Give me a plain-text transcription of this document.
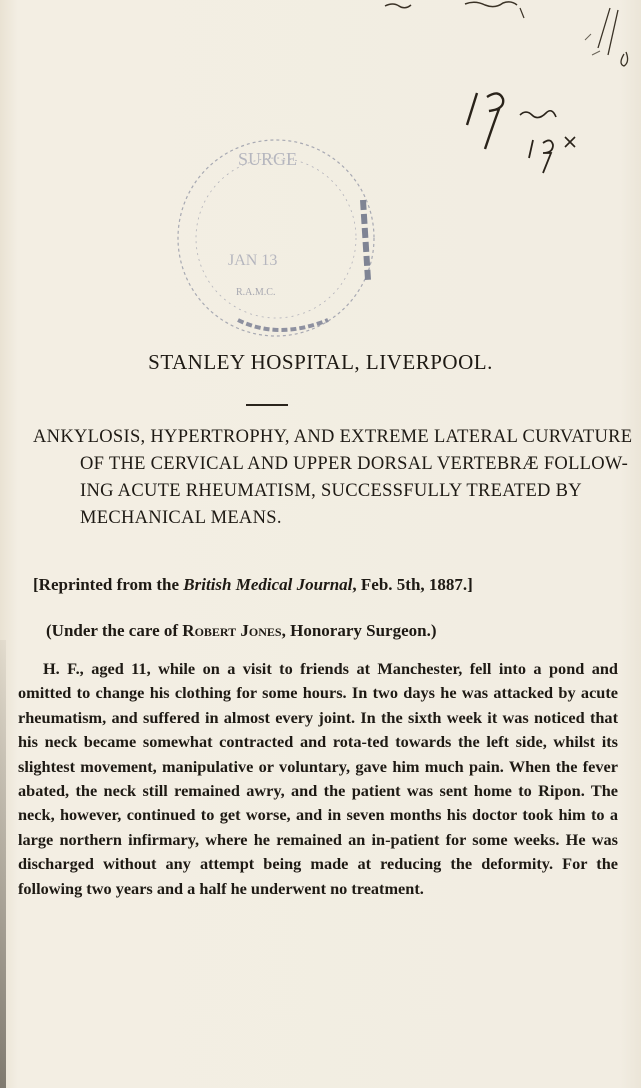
SURGE
JAN 13
R.A.M.C.
STANLEY HOSPITAL, LIVERPOOL.
ANKYLOSIS, HYPERTROPHY, AND EXTREME LATERAL CURVATURE OF THE CERVICAL AND UPPER DORSAL VERTEBRÆ FOLLOW-ING ACUTE RHEUMATISM, SUCCESSFULLY TREATED BY MECHANICAL MEANS.
[Reprinted from the British Medical Journal, Feb. 5th, 1887.]
(Under the care of Robert Jones, Honorary Surgeon.)
H. F., aged 11, while on a visit to friends at Manchester, fell into a pond and omitted to change his clothing for some hours. In two days he was attacked by acute rheumatism, and suffered in almost every joint. In the sixth week it was noticed that his neck became somewhat contracted and rota-ted towards the left side, whilst its slightest movement, manipulative or voluntary, gave him much pain. When the fever abated, the neck still remained awry, and the patient was sent home to Ripon. The neck, however, continued to get worse, and in seven months his doctor took him to a large northern infirmary, where he remained an in-patient for some weeks. He was discharged without any attempt being made at reducing the deformity. For the following two years and a half he underwent no treatment.
